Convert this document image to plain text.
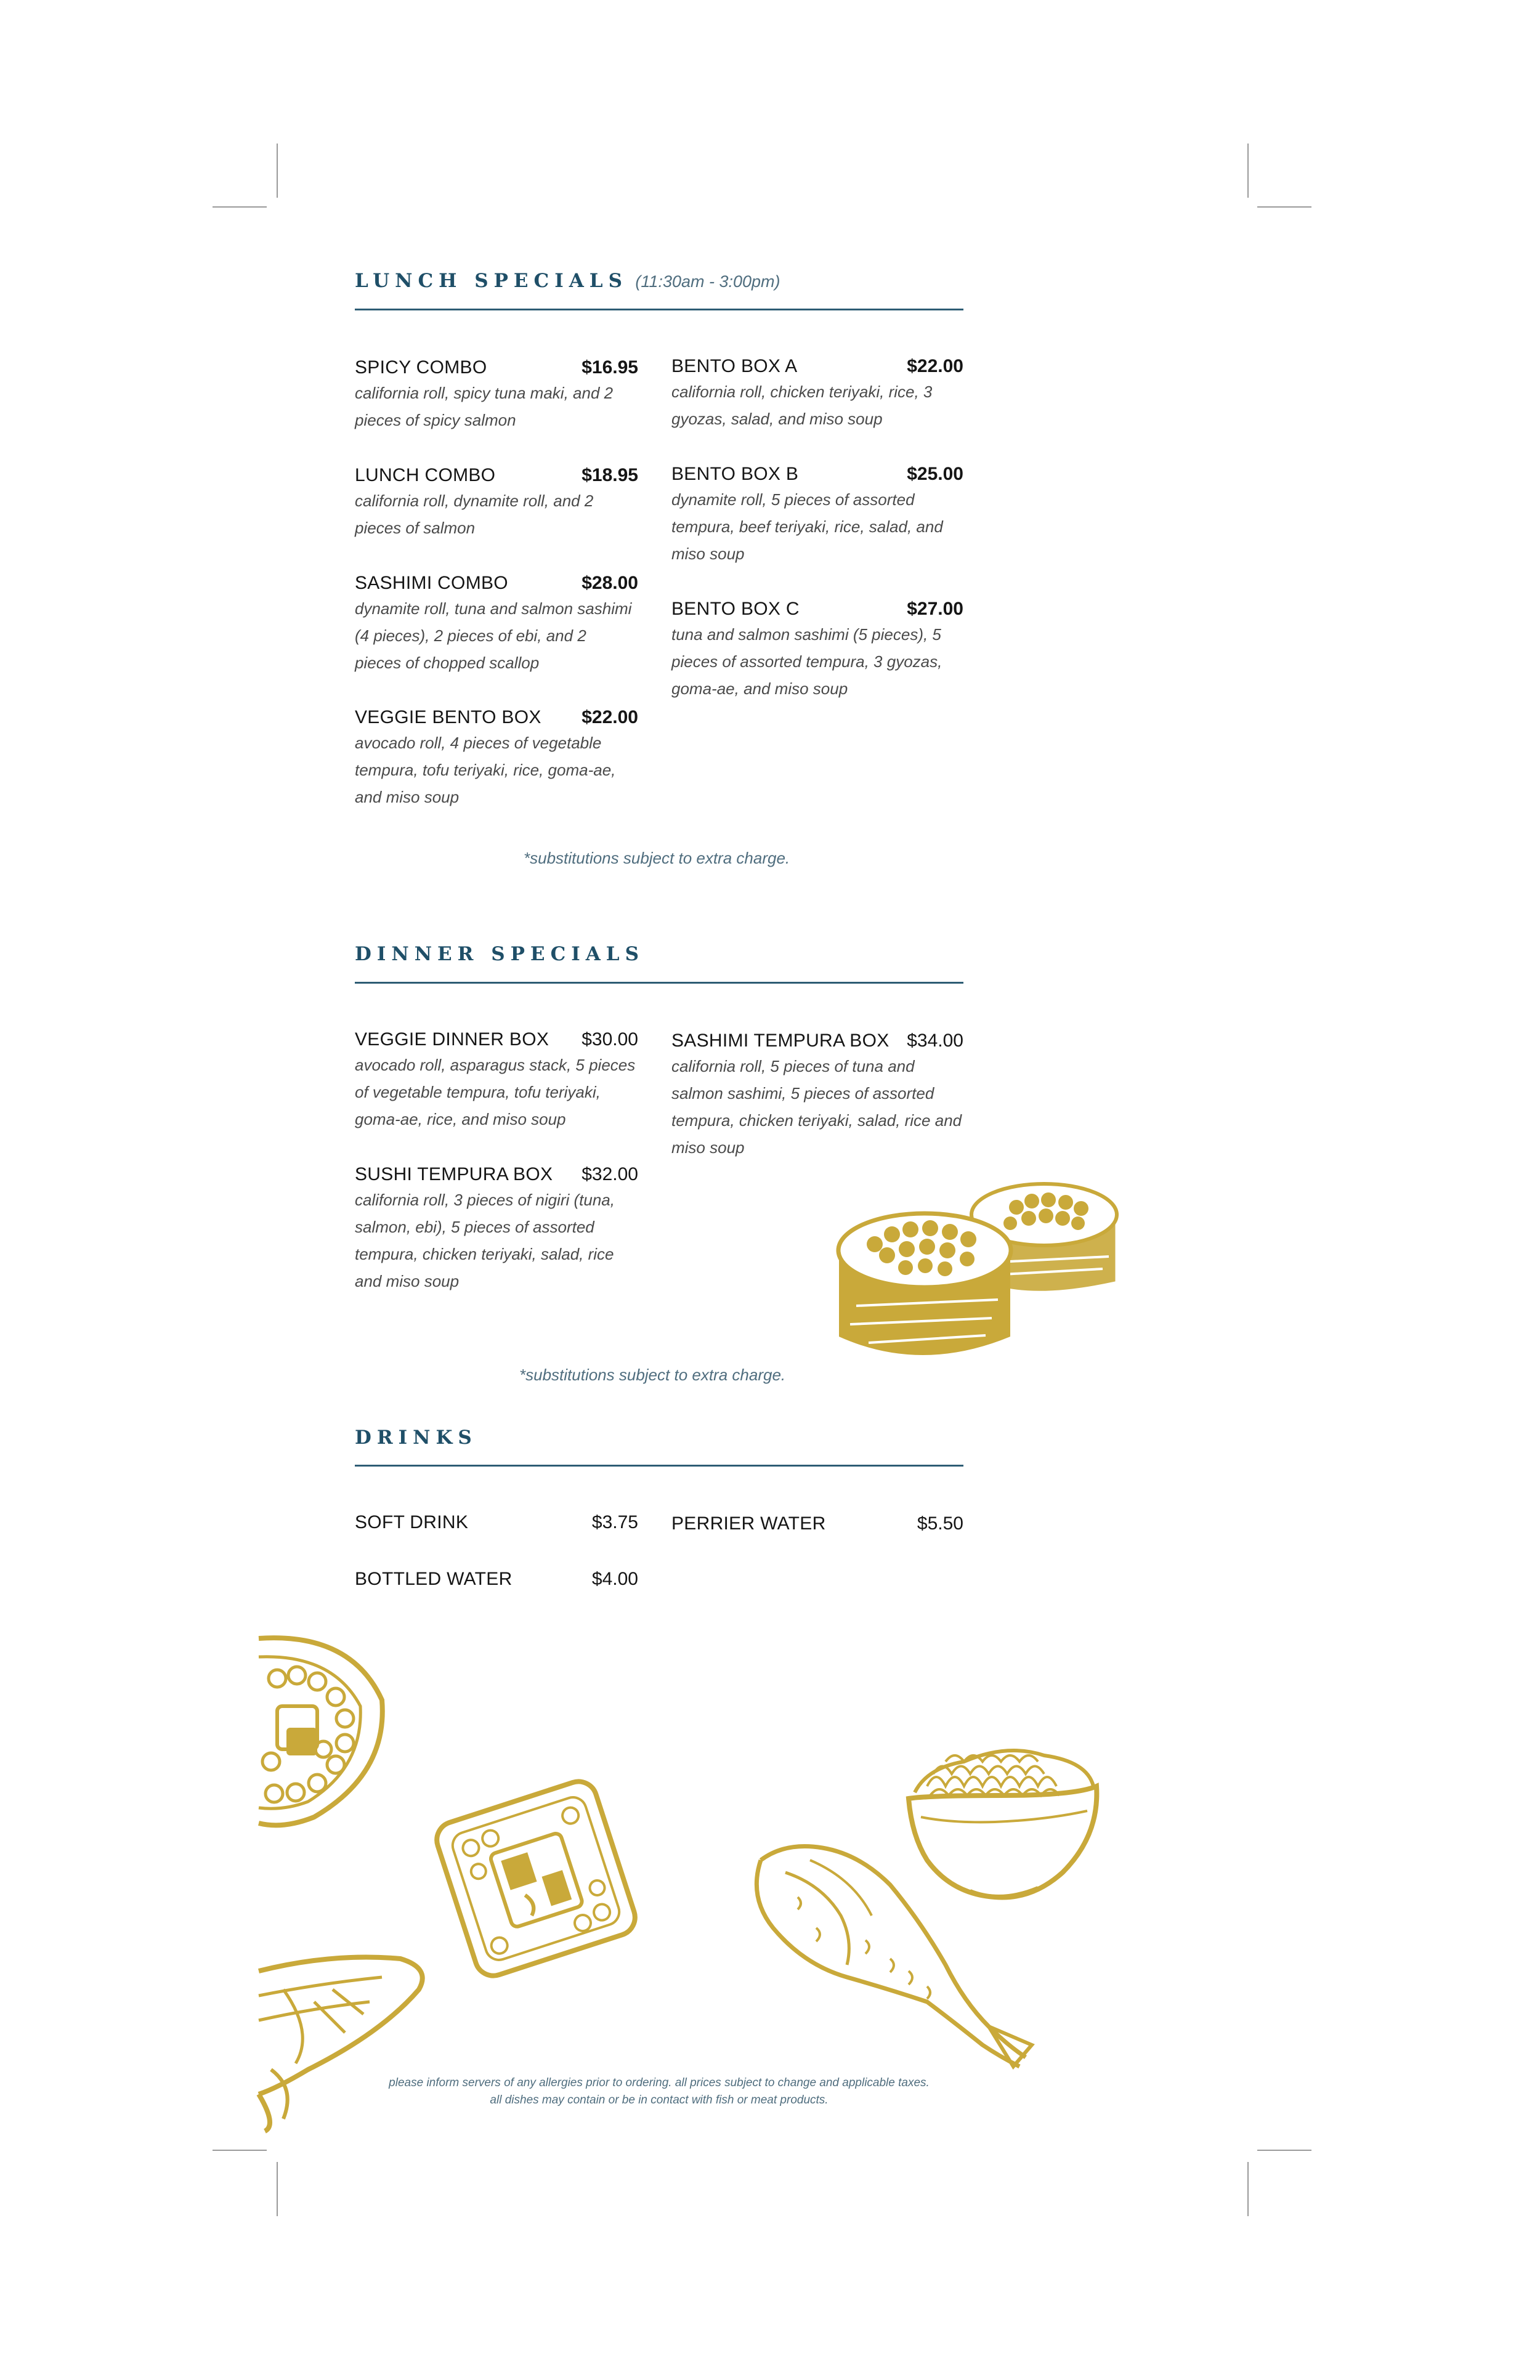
LUNCH SPECIALS (11:30am - 3:00pm)
SPICY COMBO	$16.95
california roll, spicy tuna maki, and 2 pieces of spicy salmon
LUNCH COMBO	$18.95
california roll, dynamite roll, and 2 pieces of salmon
SASHIMI COMBO	$28.00
dynamite roll, tuna and salmon sashimi (4 pieces), 2 pieces of ebi, and 2 pieces of chopped scallop
VEGGIE BENTO BOX $22.00
avocado roll, 4 pieces of vegetable tempura, tofu teriyaki, rice, goma-ae, and miso soup
BENTO BOX A	$22.00
california roll, chicken teriyaki, rice, 3 gyozas, salad, and miso soup
BENTO BOX B	$25.00
dynamite roll, 5 pieces of assorted tempura, beef teriyaki, rice, salad, and miso soup
BENTO BOX C	$27.00
tuna and salmon sashimi (5 pieces), 5 pieces of assorted tempura, 3 gyozas, goma-ae, and miso soup
*substitutions subject to extra charge.
DINNER SPECIALS
VEGGIE DINNER BOX $30.00
avocado roll, asparagus stack, 5 pieces of vegetable tempura, tofu teriyaki, goma-ae, rice, and miso soup
SUSHI TEMPURA BOX $32.00
california roll, 3 pieces of nigiri (tuna, salmon, ebi), 5 pieces of assorted tempura, chicken teriyaki, salad, rice and miso soup
SASHIMI TEMPURA BOX $34.00
california roll, 5 pieces of tuna and salmon sashimi, 5 pieces of assorted tempura, chicken teriyaki, salad, rice and miso soup
*substitutions subject to extra charge.
DRINKS
SOFT DRINK	$3.75
BOTTLED WATER	$4.00
PERRIER WATER	$5.50
please inform servers of any allergies prior to ordering. all prices subject to change and applicable taxes.
all dishes may contain or be in contact with fish or meat products.
